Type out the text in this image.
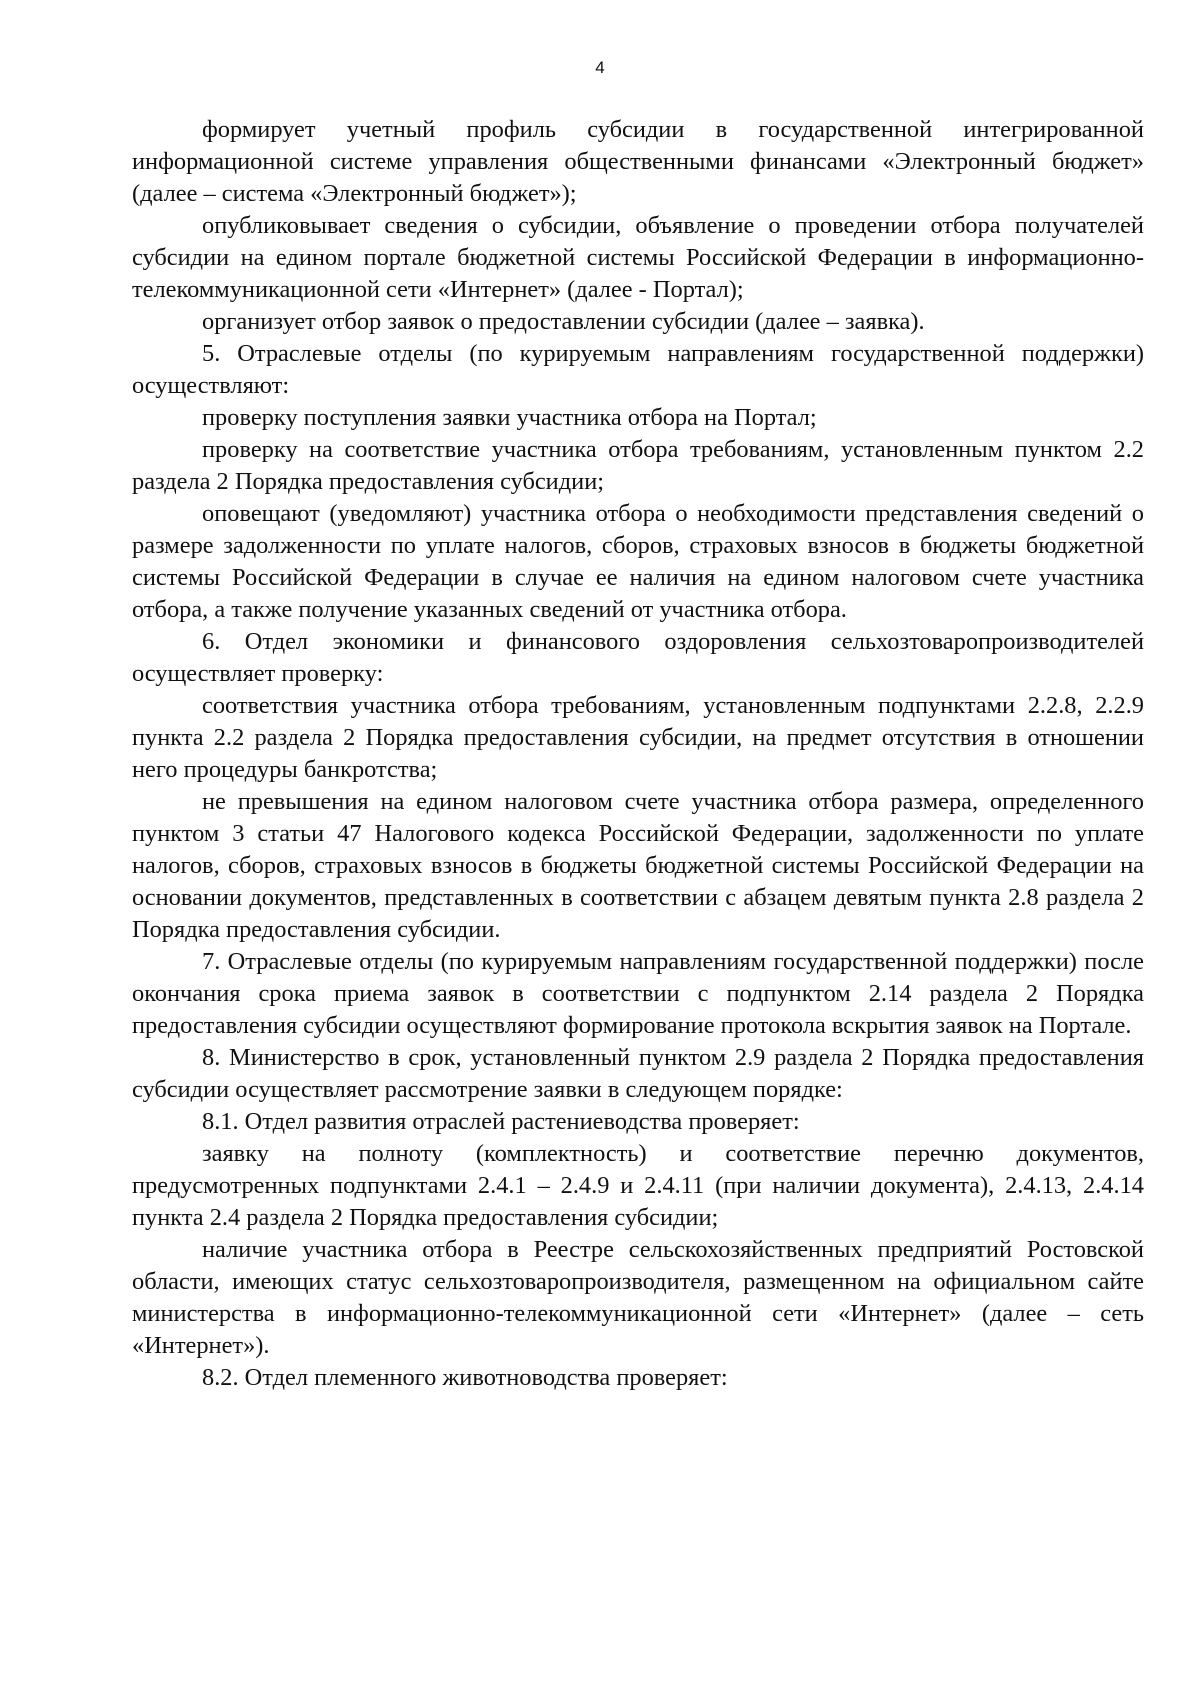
4

формирует учетный профиль субсидии в государственной интегрированной информационной системе управления общественными финансами «Электронный бюджет» (далее – система «Электронный бюджет»);

опубликовывает сведения о субсидии, объявление о проведении отбора получателей субсидии на едином портале бюджетной системы Российской Федерации в информационно-телекоммуникационной сети «Интернет» (далее - Портал);

организует отбор заявок о предоставлении субсидии (далее – заявка).

5. Отраслевые отделы (по курируемым направлениям государственной поддержки) осуществляют:

проверку поступления заявки участника отбора на Портал;

проверку на соответствие участника отбора требованиям, установленным пунктом 2.2 раздела 2 Порядка предоставления субсидии;

оповещают (уведомляют) участника отбора о необходимости представления сведений о размере задолженности по уплате налогов, сборов, страховых взносов в бюджеты бюджетной системы Российской Федерации в случае ее наличия на едином налоговом счете участника отбора, а также получение указанных сведений от участника отбора.

6. Отдел экономики и финансового оздоровления сельхозтоваропроизводителей осуществляет проверку:

соответствия участника отбора требованиям, установленным подпунктами 2.2.8, 2.2.9 пункта 2.2 раздела 2 Порядка предоставления субсидии, на предмет отсутствия в отношении него процедуры банкротства;

не превышения на едином налоговом счете участника отбора размера, определенного пунктом 3 статьи 47 Налогового кодекса Российской Федерации, задолженности по уплате налогов, сборов, страховых взносов в бюджеты бюджетной системы Российской Федерации на основании документов, представленных в соответствии с абзацем девятым пункта 2.8 раздела 2 Порядка предоставления субсидии.

7. Отраслевые отделы (по курируемым направлениям государственной поддержки) после окончания срока приема заявок в соответствии с подпунктом 2.14 раздела 2 Порядка предоставления субсидии осуществляют формирование протокола вскрытия заявок на Портале.

8. Министерство в срок, установленный пунктом 2.9 раздела 2 Порядка предоставления субсидии осуществляет рассмотрение заявки в следующем порядке:

8.1. Отдел развития отраслей растениеводства проверяет:

заявку на полноту (комплектность) и соответствие перечню документов, предусмотренных подпунктами 2.4.1 – 2.4.9 и 2.4.11 (при наличии документа), 2.4.13, 2.4.14 пункта 2.4 раздела 2 Порядка предоставления субсидии;

наличие участника отбора в Реестре сельскохозяйственных предприятий Ростовской области, имеющих статус сельхозтоваропроизводителя, размещенном на официальном сайте министерства в информационно-телекоммуникационной сети «Интернет» (далее – сеть «Интернет»).

8.2. Отдел племенного животноводства проверяет:
